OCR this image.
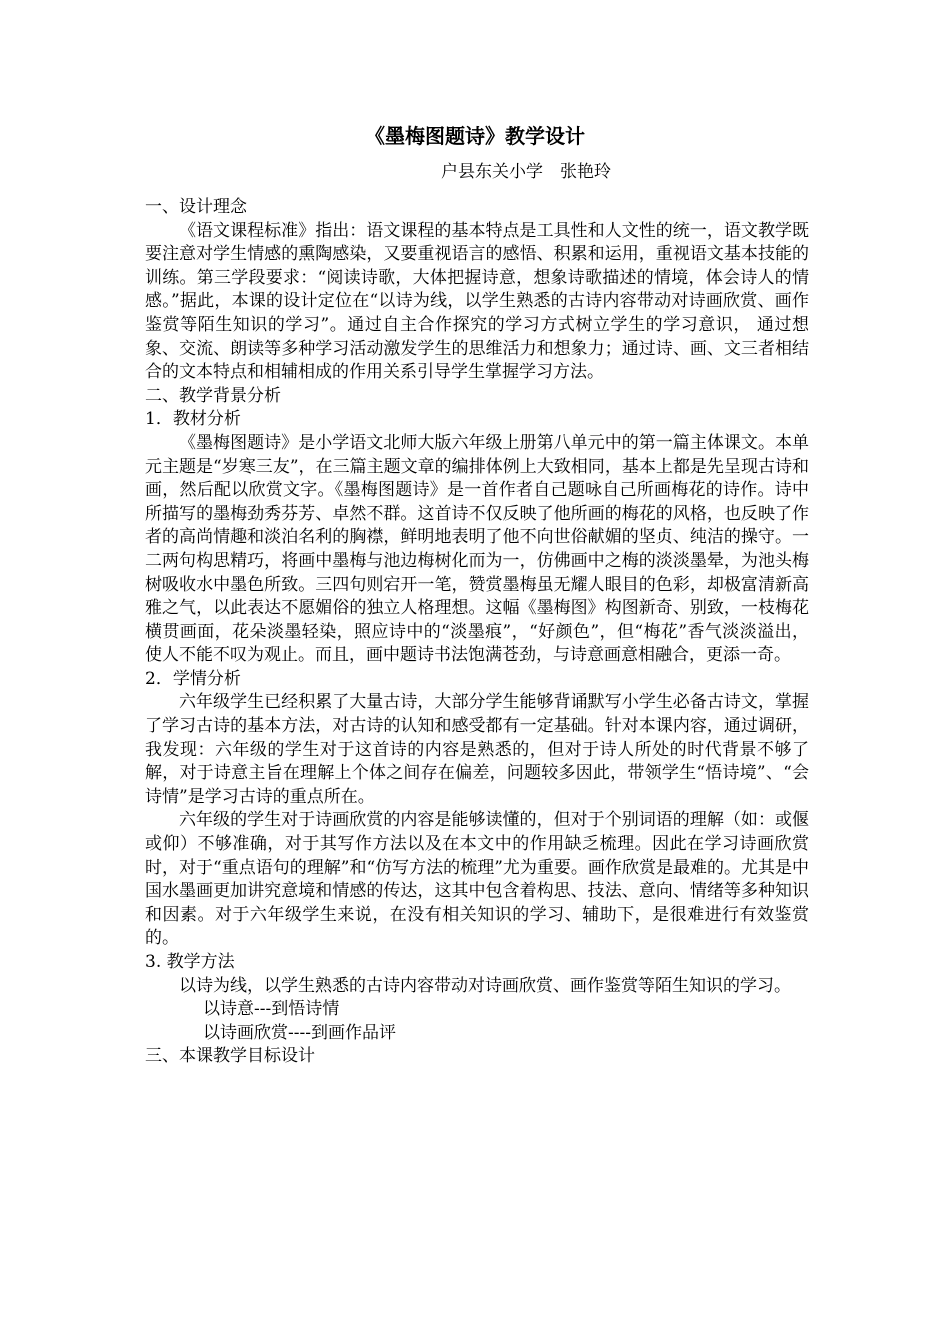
《墨梅图题诗》教学设计
户县东关小学　张艳玲

一、设计理念

《语文课程标准》指出：语文课程的基本特点是工具性和人文性的统一，语文教学既要注意对学生情感的熏陶感染，又要重视语言的感悟、积累和运用，重视语文基本技能的训练。第三学段要求：“阅读诗歌，大体把握诗意，想象诗歌描述的情境，体会诗人的情感。”据此，本课的设计定位在“以诗为线，以学生熟悉的古诗内容带动对诗画欣赏、画作鉴赏等陌生知识的学习”。通过自主合作探究的学习方式树立学生的学习意识， 通过想象、交流、朗读等多种学习活动激发学生的思维活力和想象力；通过诗、画、文三者相结合的文本特点和相辅相成的作用关系引导学生掌握学习方法。

二、教学背景分析

1．教材分析

《墨梅图题诗》是小学语文北师大版六年级上册第八单元中的第一篇主体课文。本单元主题是“岁寒三友”，在三篇主题文章的编排体例上大致相同，基本上都是先呈现古诗和画，然后配以欣赏文字。《墨梅图题诗》是一首作者自己题咏自己所画梅花的诗作。诗中所描写的墨梅劲秀芬芳、卓然不群。这首诗不仅反映了他所画的梅花的风格，也反映了作者的高尚情趣和淡泊名利的胸襟，鲜明地表明了他不向世俗献媚的坚贞、纯洁的操守。一二两句构思精巧，将画中墨梅与池边梅树化而为一，仿佛画中之梅的淡淡墨晕，为池头梅树吸收水中墨色所致。三四句则宕开一笔，赞赏墨梅虽无耀人眼目的色彩，却极富清新高雅之气，以此表达不愿媚俗的独立人格理想。这幅《墨梅图》构图新奇、别致，一枝梅花横贯画面，花朵淡墨轻染，照应诗中的“淡墨痕”，“好颜色”，但“梅花”香气淡淡溢出，使人不能不叹为观止。而且，画中题诗书法饱满苍劲，与诗意画意相融合，更添一奇。

2．学情分析

六年级学生已经积累了大量古诗，大部分学生能够背诵默写小学生必备古诗文，掌握了学习古诗的基本方法，对古诗的认知和感受都有一定基础。针对本课内容，通过调研，我发现：六年级的学生对于这首诗的内容是熟悉的，但对于诗人所处的时代背景不够了解，对于诗意主旨在理解上个体之间存在偏差，问题较多因此，带领学生“悟诗境”、“会诗情”是学习古诗的重点所在。

六年级的学生对于诗画欣赏的内容是能够读懂的，但对于个别词语的理解（如：或偃或仰）不够准确，对于其写作方法以及在本文中的作用缺乏梳理。因此在学习诗画欣赏时，对于“重点语句的理解”和“仿写方法的梳理”尤为重要。画作欣赏是最难的。尤其是中国水墨画更加讲究意境和情感的传达，这其中包含着构思、技法、意向、情绪等多种知识和因素。对于六年级学生来说，在没有相关知识的学习、辅助下，是很难进行有效鉴赏的。

3. 教学方法

以诗为线，以学生熟悉的古诗内容带动对诗画欣赏、画作鉴赏等陌生知识的学习。

以诗意---到悟诗情

以诗画欣赏----到画作品评

三、本课教学目标设计
